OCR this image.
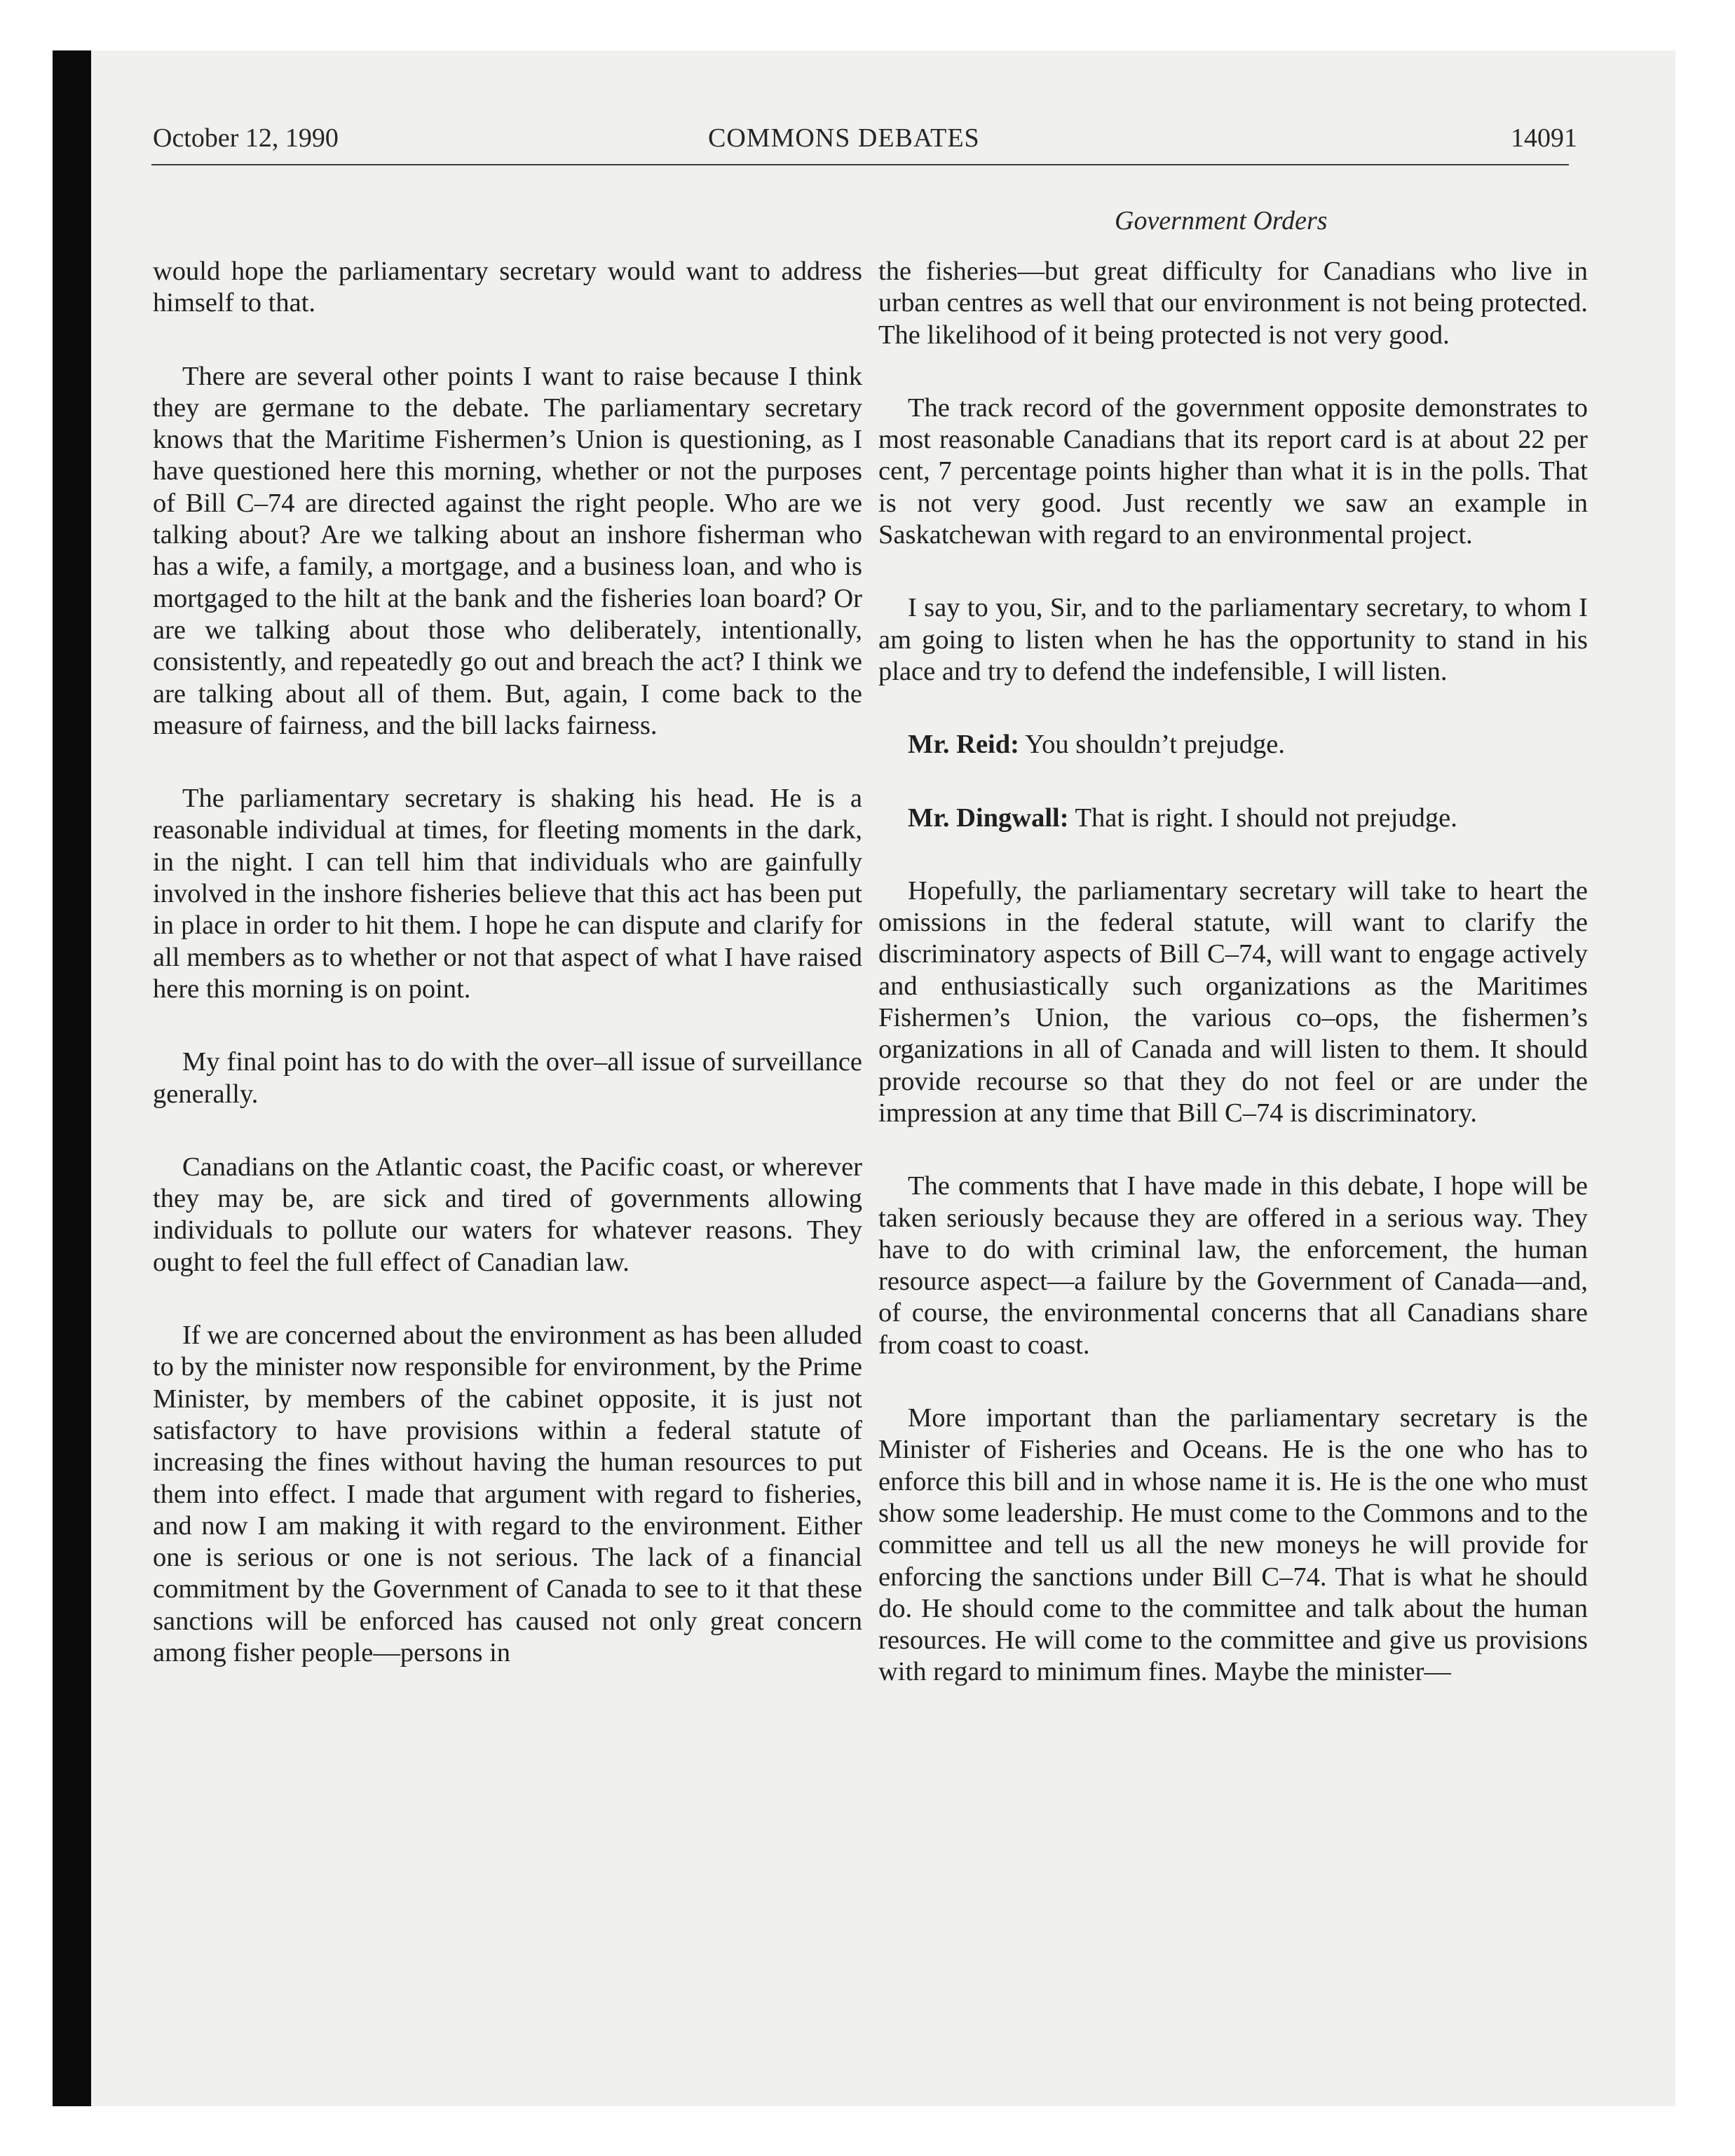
October 12, 1990	COMMONS DEBATES	14091
Government Orders

would hope the parliamentary secretary would want to address himself to that.

There are several other points I want to raise because I think they are germane to the debate. The parliamentary secretary knows that the Maritime Fishermen’s Union is questioning, as I have questioned here this morning, whether or not the purposes of Bill C–74 are directed against the right people. Who are we talking about? Are we talking about an inshore fisherman who has a wife, a family, a mortgage, and a business loan, and who is mortgaged to the hilt at the bank and the fisheries loan board? Or are we talking about those who deliberately, intentionally, consistently, and repeatedly go out and breach the act? I think we are talking about all of them. But, again, I come back to the measure of fairness, and the bill lacks fairness.

The parliamentary secretary is shaking his head. He is a reasonable individual at times, for fleeting moments in the dark, in the night. I can tell him that individuals who are gainfully involved in the inshore fisheries believe that this act has been put in place in order to hit them. I hope he can dispute and clarify for all members as to whether or not that aspect of what I have raised here this morning is on point.

My final point has to do with the over–all issue of surveillance generally.

Canadians on the Atlantic coast, the Pacific coast, or wherever they may be, are sick and tired of governments allowing individuals to pollute our waters for whatever reasons. They ought to feel the full effect of Canadian law.

If we are concerned about the environment as has been alluded to by the minister now responsible for environment, by the Prime Minister, by members of the cabinet opposite, it is just not satisfactory to have provisions within a federal statute of increasing the fines without having the human resources to put them into effect. I made that argument with regard to fisheries, and now I am making it with regard to the environment. Either one is serious or one is not serious. The lack of a financial commitment by the Government of Canada to see to it that these sanctions will be enforced has caused not only great concern among fisher people—persons in

the fisheries—but great difficulty for Canadians who live in urban centres as well that our environment is not being protected. The likelihood of it being protected is not very good.

The track record of the government opposite demonstrates to most reasonable Canadians that its report card is at about 22 per cent, 7 percentage points higher than what it is in the polls. That is not very good. Just recently we saw an example in Saskatchewan with regard to an environmental project.

I say to you, Sir, and to the parliamentary secretary, to whom I am going to listen when he has the opportunity to stand in his place and try to defend the indefensible, I will listen.

Mr. Reid: You shouldn’t prejudge.

Mr. Dingwall: That is right. I should not prejudge.

Hopefully, the parliamentary secretary will take to heart the omissions in the federal statute, will want to clarify the discriminatory aspects of Bill C–74, will want to engage actively and enthusiastically such organizations as the Maritimes Fishermen’s Union, the various co–ops, the fishermen’s organizations in all of Canada and will listen to them. It should provide recourse so that they do not feel or are under the impression at any time that Bill C–74 is discriminatory.

The comments that I have made in this debate, I hope will be taken seriously because they are offered in a serious way. They have to do with criminal law, the enforcement, the human resource aspect—a failure by the Government of Canada—and, of course, the environmental concerns that all Canadians share from coast to coast.

More important than the parliamentary secretary is the Minister of Fisheries and Oceans. He is the one who has to enforce this bill and in whose name it is. He is the one who must show some leadership. He must come to the Commons and to the committee and tell us all the new moneys he will provide for enforcing the sanctions under Bill C–74. That is what he should do. He should come to the committee and talk about the human resources. He will come to the committee and give us provisions with regard to minimum fines. Maybe the minister—
